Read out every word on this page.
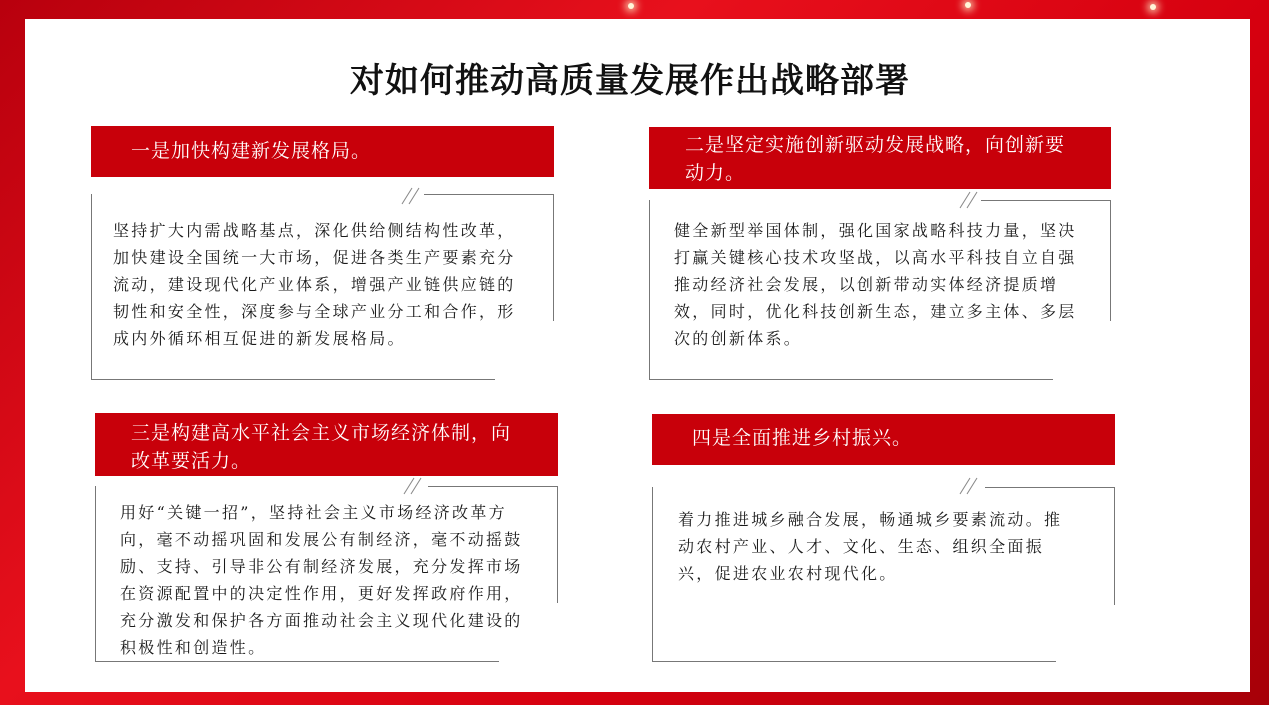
对如何推动高质量发展作出战略部署
一是加快构建新发展格局。

坚持扩大内需战略基点，深化供给侧结构性改革，加快建设全国统一大市场，促进各类生产要素充分流动，建设现代化产业体系，增强产业链供应链的韧性和安全性，深度参与全球产业分工和合作，形成内外循环相互促进的新发展格局。

二是坚定实施创新驱动发展战略，向创新要动力。

健全新型举国体制，强化国家战略科技力量，坚决打赢关键核心技术攻坚战，以高水平科技自立自强推动经济社会发展，以创新带动实体经济提质增效，同时，优化科技创新生态，建立多主体、多层次的创新体系。

三是构建高水平社会主义市场经济体制，向改革要活力。

用好“关键一招”，坚持社会主义市场经济改革方向，毫不动摇巩固和发展公有制经济，毫不动摇鼓励、支持、引导非公有制经济发展，充分发挥市场在资源配置中的决定性作用，更好发挥政府作用，充分激发和保护各方面推动社会主义现代化建设的积极性和创造性。

四是全面推进乡村振兴。

着力推进城乡融合发展，畅通城乡要素流动。推动农村产业、人才、文化、生态、组织全面振兴，促进农业农村现代化。
